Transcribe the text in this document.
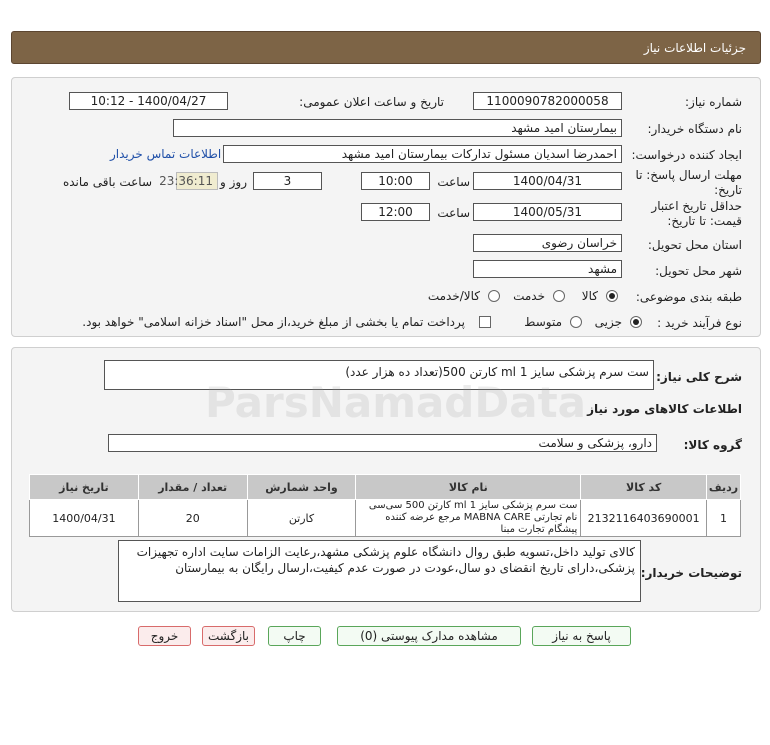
جزئیات اطلاعات نیاز
شماره نیاز:
1100090782000058
تاریخ و ساعت اعلان عمومی:
1400/04/27 - 10:12
نام دستگاه خریدار:
بیمارستان امید مشهد
ایجاد کننده درخواست:
احمدرضا اسدیان مسئول تدارکات بیمارستان امید مشهد
اطلاعات تماس خریدار
مهلت ارسال پاسخ: تا
تاریخ:
1400/04/31
ساعت
10:00
3
روز و
23:36:11
ساعت باقی مانده
حداقل تاریخ اعتبار
قیمت: تا تاریخ:
1400/05/31
ساعت
12:00
استان محل تحویل:
خراسان رضوی
شهر محل تحویل:
مشهد
طبقه بندی موضوعی:
کالا
خدمت
کالا/خدمت
نوع فرآیند خرید :
جزیی
متوسط
پرداخت تمام یا بخشی از مبلغ خرید،از محل "اسناد خزانه اسلامی" خواهد بود.
شرح کلی نیاز:
ست سرم پزشکی سایز ml 1 کارتن 500(تعداد ده هزار عدد)
اطلاعات کالاهای مورد نیاز
گروه کالا:
دارو، پزشکی و سلامت
ردیف	کد کالا	نام کالا	واحد شمارش	تعداد / مقدار	تاریخ نیاز
1	2132116403690001	ست سرم پزشکی سایز ml 1 کارتن 500 سی‌سی نام تجارتی MABNA CARE مرجع عرضه کننده پیشگام تجارت مبنا	کارتن	20	1400/04/31
توضیحات خریدار:
کالای تولید داخل،تسویه طبق روال دانشگاه علوم پزشکی مشهد،رعایت الزامات سایت اداره تجهیزات پزشکی،دارای تاریخ انقضای دو سال،عودت در صورت عدم کیفیت،ارسال رایگان به بیمارستان
پاسخ به نیاز
مشاهده مدارک پیوستی (0)
چاپ
بازگشت
خروج
